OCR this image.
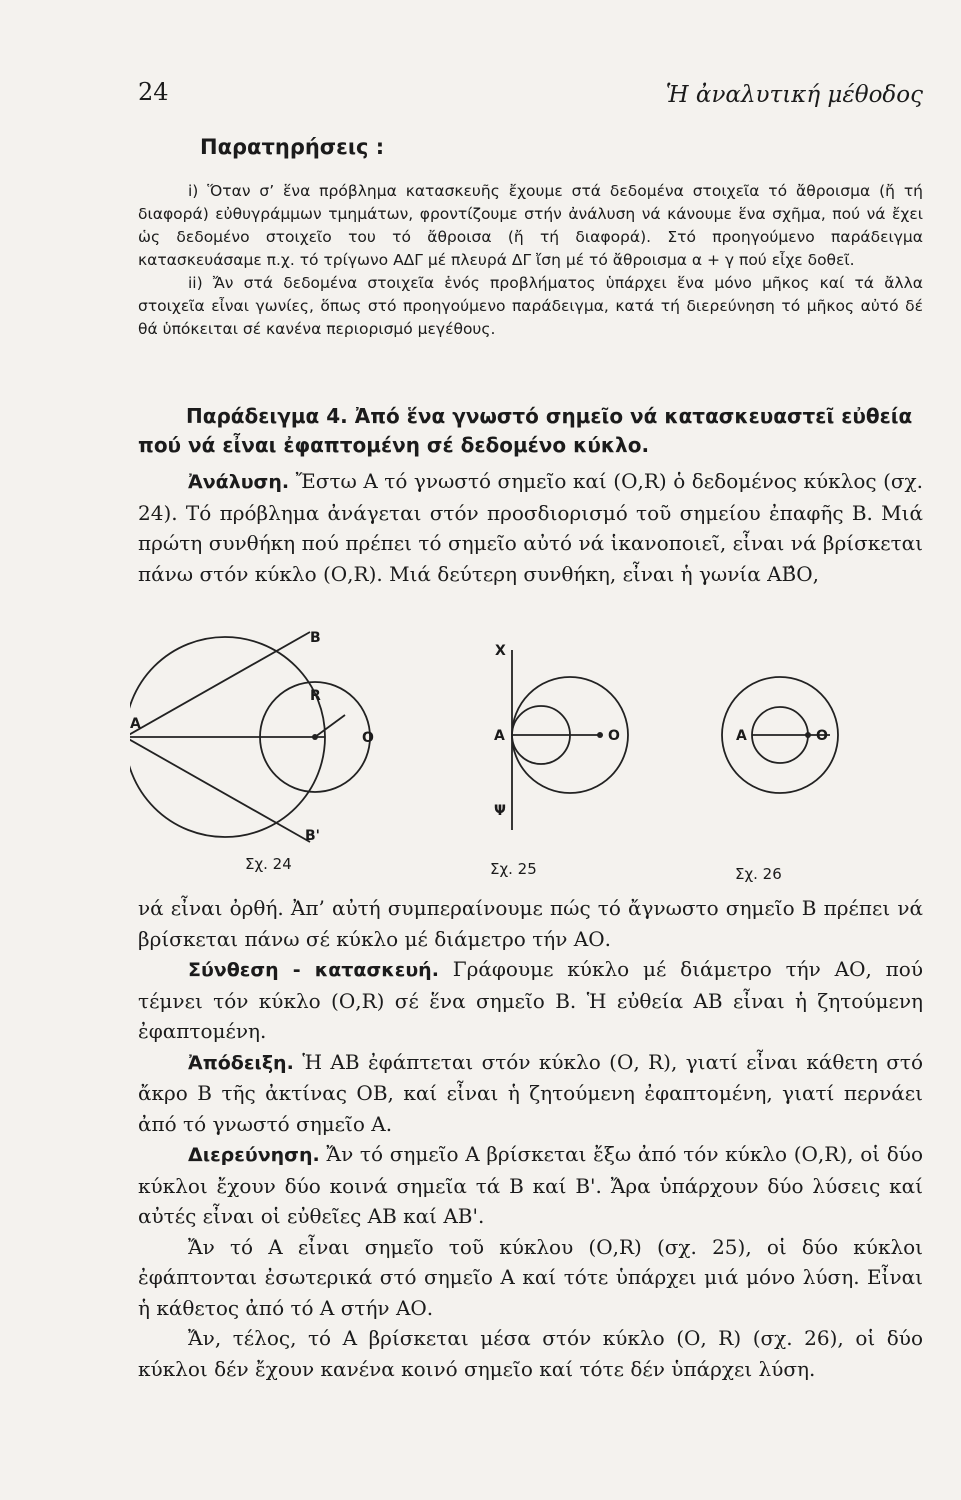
24	Ἡ ἀναλυτική μέθοδος
Παρατηρήσεις :

i) Ὅταν σ’ ἕνα πρόβλημα κατασκευῆς ἔχουμε στά δεδομένα στοιχεῖα τό ἄθροισμα (ἤ τή διαφορά) εὐθυγράμμων τμημάτων, φροντίζουμε στήν ἀνάλυση νά κάνουμε ἕνα σχῆμα, πού νά ἔχει ὡς δεδομένο στοιχεῖο του τό ἄθροισα (ἤ τή διαφορά). Στό προηγούμενο παράδειγμα κατασκευάσαμε π.χ. τό τρίγωνο ΑΔΓ μέ πλευρά ΔΓ ἴση μέ τό ἄθροισμα α + γ πού εἶχε δοθεῖ.

ii) Ἄν στά δεδομένα στοιχεῖα ἑνός προβλήματος ὑπάρχει ἕνα μόνο μῆκος καί τά ἄλλα στοιχεῖα εἶναι γωνίες, ὅπως στό προηγούμενο παράδειγμα, κατά τή διερεύνηση τό μῆκος αὐτό δέ θά ὑπόκειται σέ κανένα περιορισμό μεγέθους.

Παράδειγμα 4. Ἀπό ἕνα γνωστό σημεῖο νά κατασκευαστεῖ εὐθεία πού νά εἶναι ἐφαπτομένη σέ δεδομένο κύκλο.

Ἀνάλυση. Ἔστω Α τό γνωστό σημεῖο καί (Ο,R) ὁ δεδομένος κύκλος (σχ. 24). Τό πρόβλημα ἀνάγεται στόν προσδιορισμό τοῦ σημείου ἐπαφῆς Β. Μιά πρώτη συνθήκη πού πρέπει τό σημεῖο αὐτό νά ἱκανοποιεῖ, εἶναι νά βρίσκεται πάνω στόν κύκλο (Ο,R). Μιά δεύτερη συνθήκη, εἶναι ἡ γωνία ΑΒ̂Ο,

Β
R
Α
Ο
Β'
X
Α	Ο
Ψ
Α	Ο
Σχ. 24	Σχ. 25	Σχ. 26

νά εἶναι ὀρθή. Ἀπ’ αὐτή συμπεραίνουμε πώς τό ἄγνωστο σημεῖο Β πρέπει νά βρίσκεται πάνω σέ κύκλο μέ διάμετρο τήν ΑΟ.

Σύνθεση - κατασκευή. Γράφουμε κύκλο μέ διάμετρο τήν ΑΟ, πού τέμνει τόν κύκλο (Ο,R) σέ ἕνα σημεῖο Β. Ἡ εὐθεία ΑΒ εἶναι ἡ ζητούμενη ἐφαπτομένη.

Ἀπόδειξη. Ἡ ΑΒ ἐφάπτεται στόν κύκλο (Ο, R), γιατί εἶναι κάθετη στό ἄκρο Β τῆς ἀκτίνας ΟΒ, καί εἶναι ἡ ζητούμενη ἐφαπτομένη, γιατί περνάει ἀπό τό γνωστό σημεῖο Α.

Διερεύνηση. Ἄν τό σημεῖο Α βρίσκεται ἔξω ἀπό τόν κύκλο (Ο,R), οἱ δύο κύκλοι ἔχουν δύο κοινά σημεῖα τά Β καί Β'. Ἄρα ὑπάρχουν δύο λύσεις καί αὐτές εἶναι οἱ εὐθεῖες ΑΒ καί ΑΒ'.

Ἄν τό Α εἶναι σημεῖο τοῦ κύκλου (Ο,R) (σχ. 25), οἱ δύο κύκλοι ἐφάπτονται ἐσωτερικά στό σημεῖο Α καί τότε ὑπάρχει μιά μόνο λύση. Εἶναι ἡ κάθετος ἀπό τό Α στήν ΑΟ.

Ἄν, τέλος, τό Α βρίσκεται μέσα στόν κύκλο (Ο, R) (σχ. 26), οἱ δύο κύκλοι δέν ἔχουν κανένα κοινό σημεῖο καί τότε δέν ὑπάρχει λύση.
